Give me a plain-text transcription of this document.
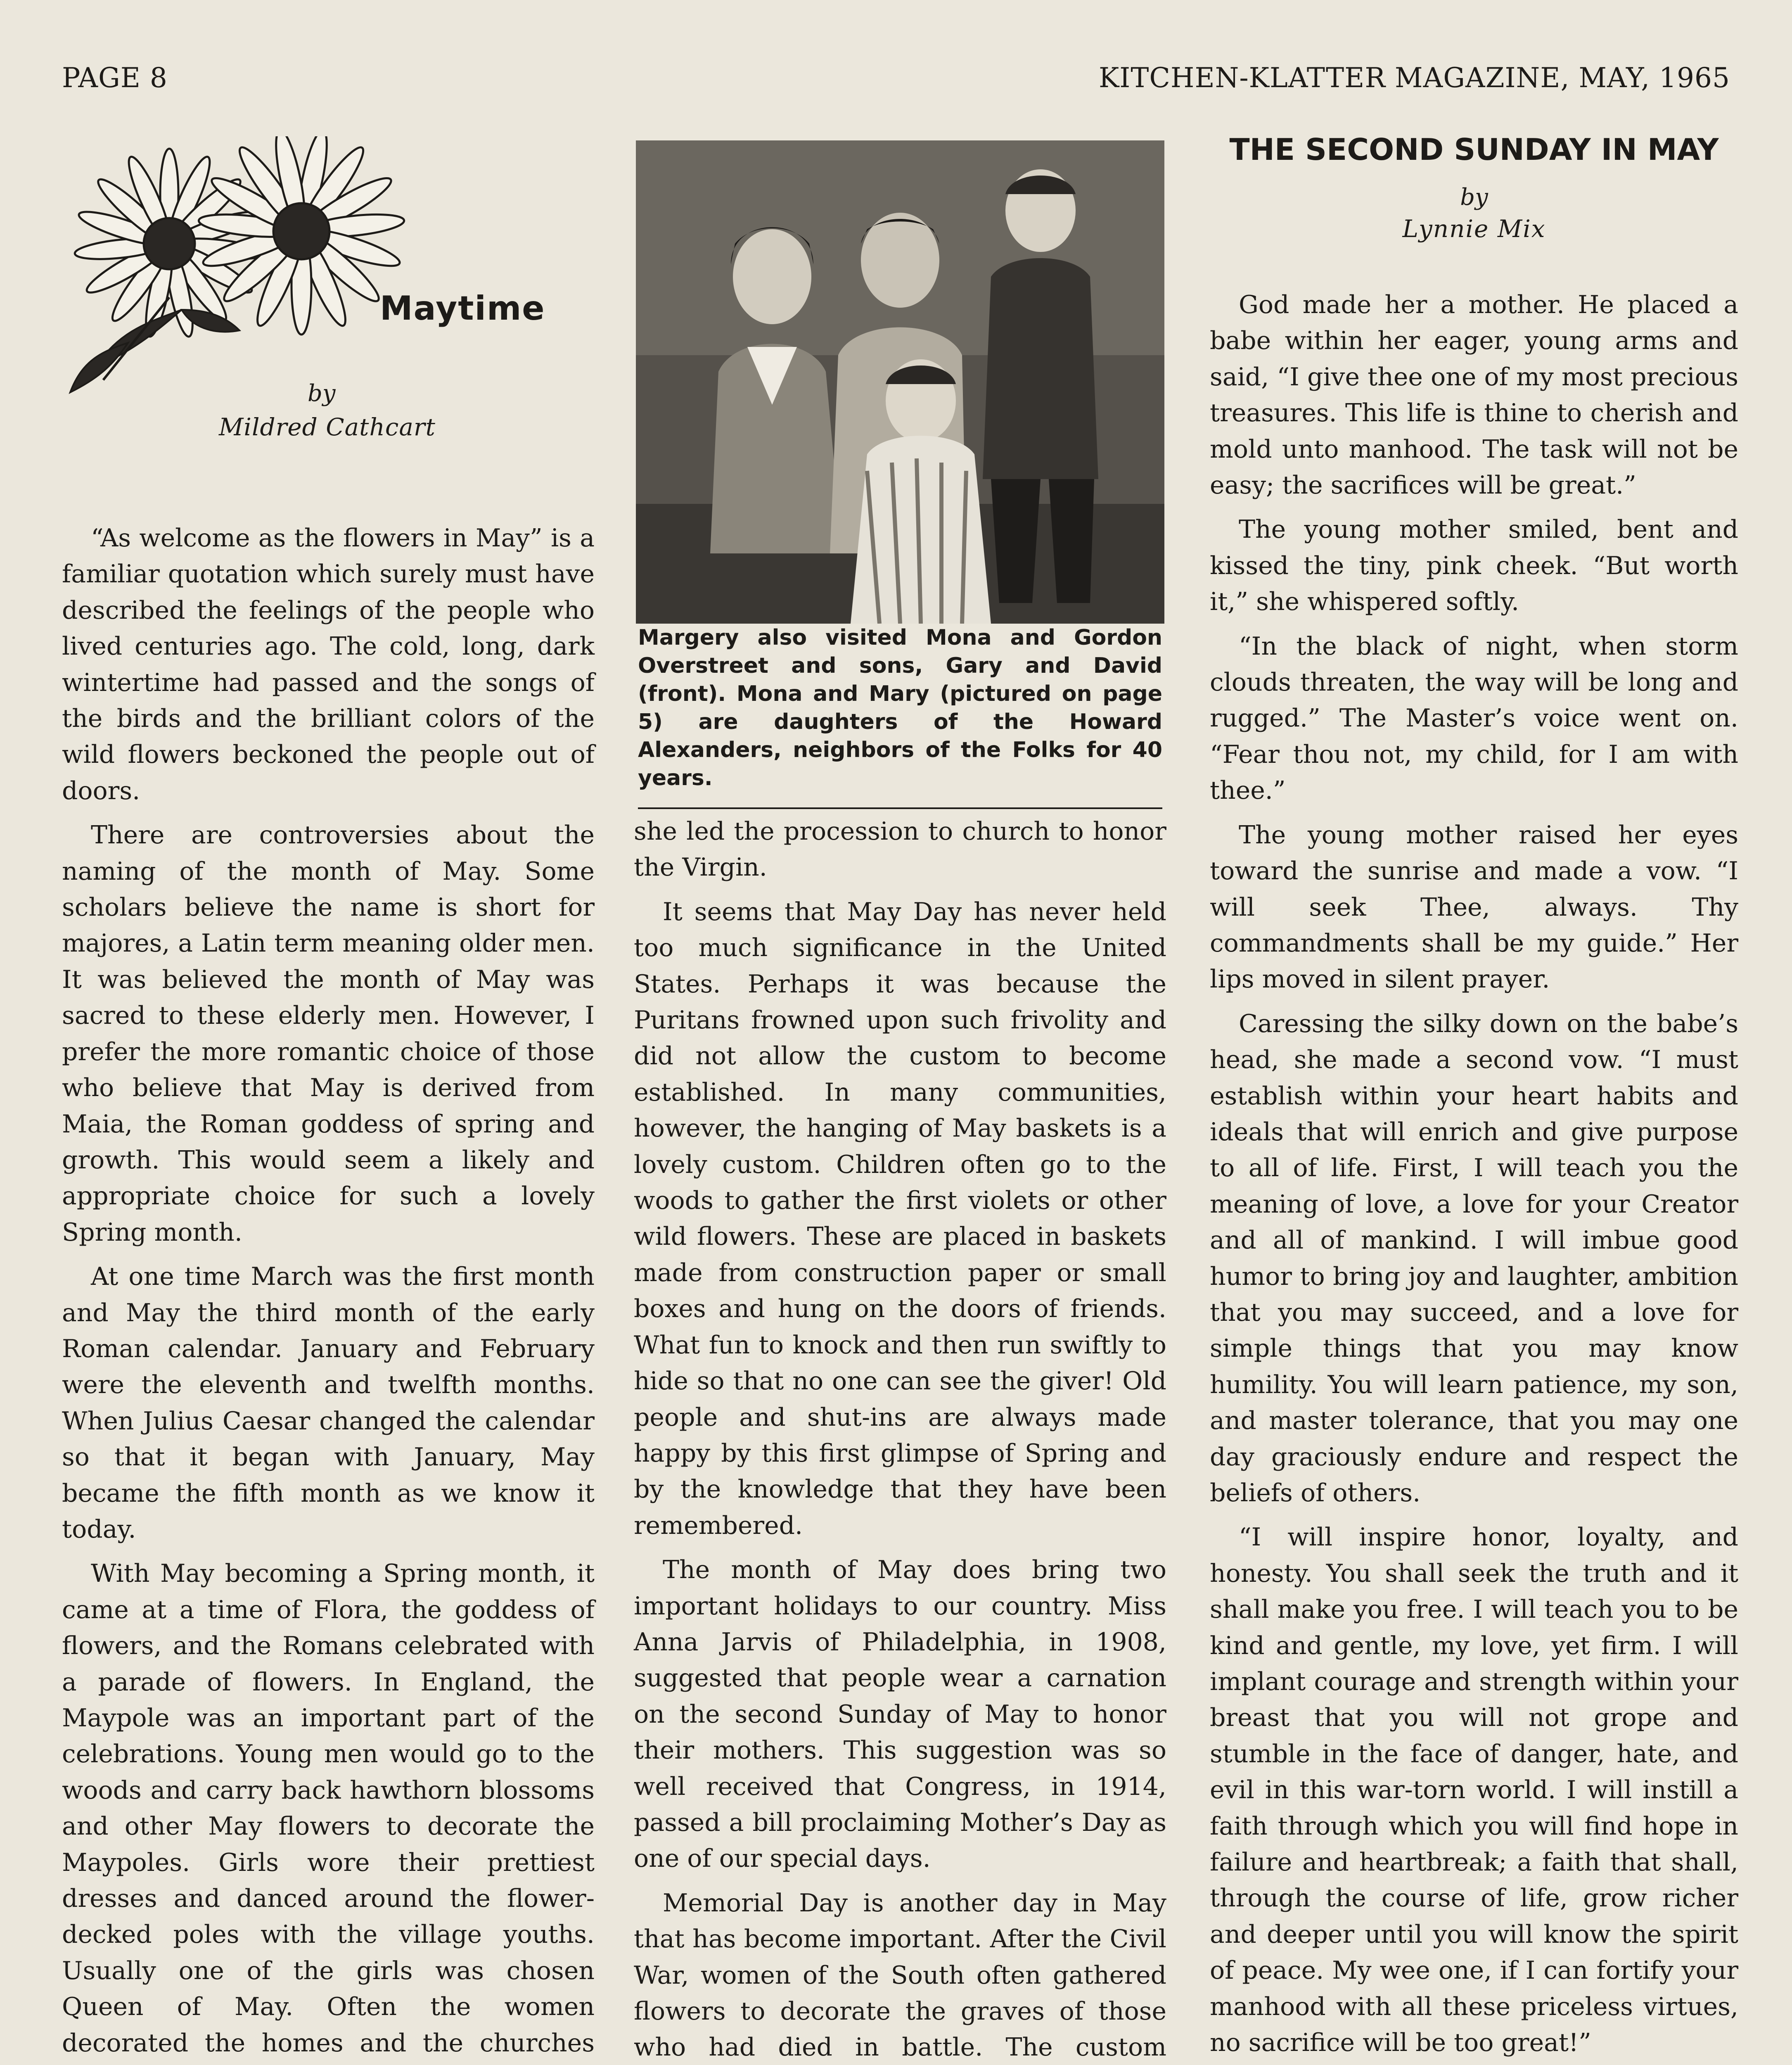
PAGE 8	KITCHEN-KLATTER MAGAZINE, MAY, 1965
Maytime
by
Mildred Cathcart

“As welcome as the flowers in May” is a familiar quotation which surely must have described the feelings of the people who lived centuries ago. The cold, long, dark wintertime had passed and the songs of the birds and the brilliant colors of the wild flowers beckoned the people out of doors.

There are controversies about the naming of the month of May. Some scholars believe the name is short for majores, a Latin term meaning older men. It was believed the month of May was sacred to these elderly men. However, I prefer the more romantic choice of those who believe that May is derived from Maia, the Roman goddess of spring and growth. This would seem a likely and appropriate choice for such a lovely Spring month.

At one time March was the first month and May the third month of the early Roman calendar. January and February were the eleventh and twelfth months. When Julius Caesar changed the calendar so that it began with January, May became the fifth month as we know it today.

With May becoming a Spring month, it came at a time of Flora, the goddess of flowers, and the Romans celebrated with a parade of flowers. In England, the Maypole was an important part of the celebrations. Young men would go to the woods and carry back hawthorn blossoms and other May flowers to decorate the Maypoles. Girls wore their prettiest dresses and danced around the flower-decked poles with the village youths. Usually one of the girls was chosen Queen of May. Often the women decorated the homes and the churches

Margery also visited Mona and Gordon Overstreet and sons, Gary and David (front). Mona and Mary (pictured on page 5) are daughters of the Howard Alexanders, neighbors of the Folks for 40 years.

she led the procession to church to honor the Virgin.

It seems that May Day has never held too much significance in the United States. Perhaps it was because the Puritans frowned upon such frivolity and did not allow the custom to become established. In many communities, however, the hanging of May baskets is a lovely custom. Children often go to the woods to gather the first violets or other wild flowers. These are placed in baskets made from construction paper or small boxes and hung on the doors of friends. What fun to knock and then run swiftly to hide so that no one can see the giver! Old people and shut-ins are always made happy by this first glimpse of Spring and by the knowledge that they have been remembered.

The month of May does bring two important holidays to our country. Miss Anna Jarvis of Philadelphia, in 1908, suggested that people wear a carnation on the second Sunday of May to honor their mothers. This suggestion was so well received that Congress, in 1914, passed a bill proclaiming Mother’s Day as one of our special days.

Memorial Day is another day in May that has become important. After the Civil War, women of the South often gathered flowers to decorate the graves of those who had died in battle. The custom

THE SECOND SUNDAY IN MAY
by
Lynnie Mix

God made her a mother. He placed a babe within her eager, young arms and said, “I give thee one of my most precious treasures. This life is thine to cherish and mold unto manhood. The task will not be easy; the sacrifices will be great.”

The young mother smiled, bent and kissed the tiny, pink cheek. “But worth it,” she whispered softly.

“In the black of night, when storm clouds threaten, the way will be long and rugged.” The Master’s voice went on. “Fear thou not, my child, for I am with thee.”

The young mother raised her eyes toward the sunrise and made a vow. “I will seek Thee, always. Thy commandments shall be my guide.” Her lips moved in silent prayer.

Caressing the silky down on the babe’s head, she made a second vow. “I must establish within your heart habits and ideals that will enrich and give purpose to all of life. First, I will teach you the meaning of love, a love for your Creator and all of mankind. I will imbue good humor to bring joy and laughter, ambition that you may succeed, and a love for simple things that you may know humility. You will learn patience, my son, and master tolerance, that you may one day graciously endure and respect the beliefs of others.

“I will inspire honor, loyalty, and honesty. You shall seek the truth and it shall make you free. I will teach you to be kind and gentle, my love, yet firm. I will implant courage and strength within your breast that you will not grope and stumble in the face of danger, hate, and evil in this war-torn world. I will instill a faith through which you will find hope in failure and heartbreak; a faith that shall, through the course of life, grow richer and deeper until you will know the spirit of peace. My wee one, if I can fortify your manhood with all these priceless virtues, no sacrifice will be too great!”
